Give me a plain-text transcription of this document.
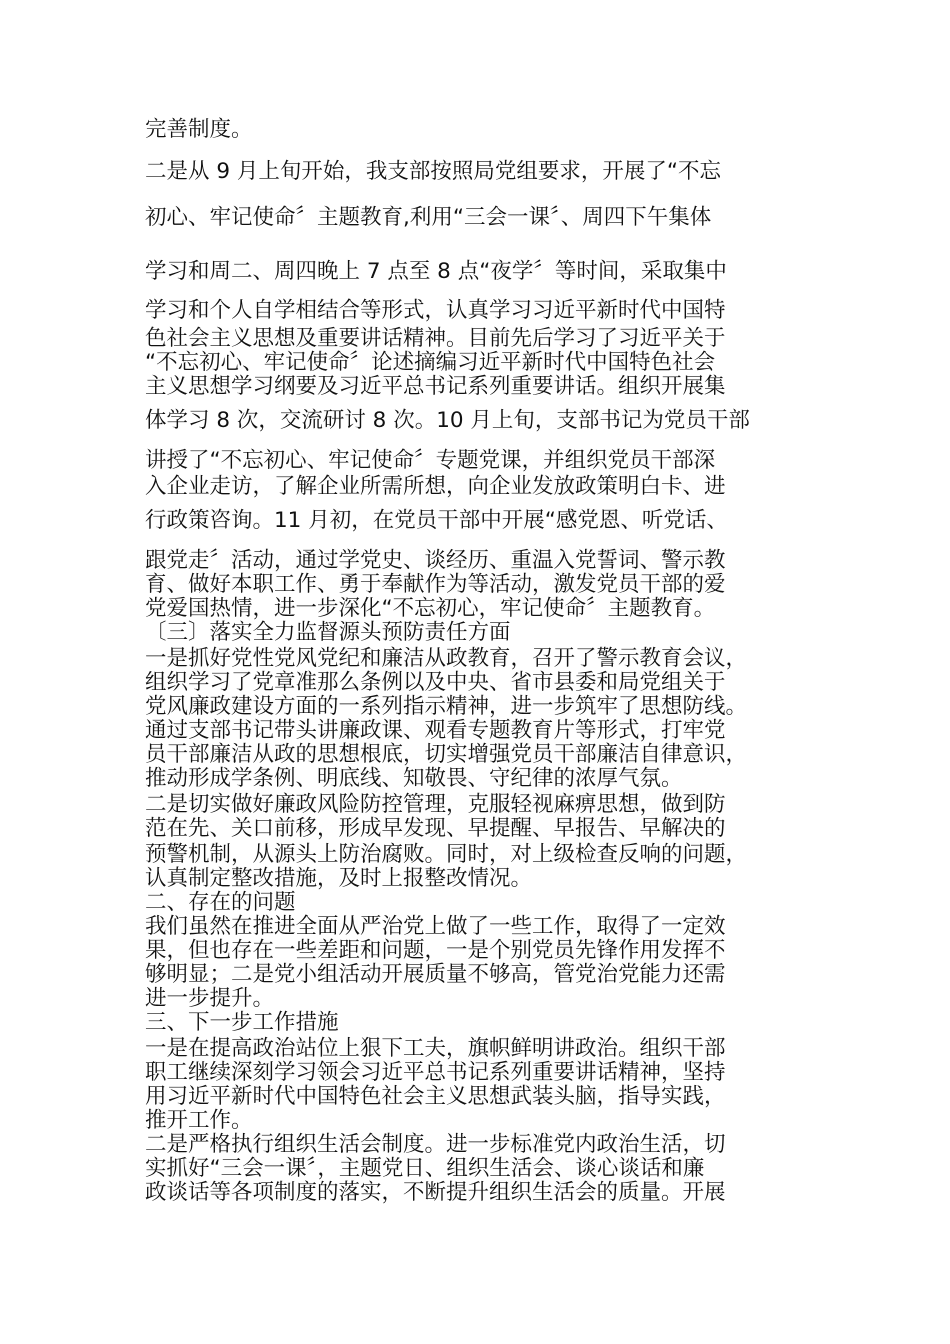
完善制度。

二是从 9 月上旬开始，我支部按照局党组要求，开展了“不忘

初心、牢记使命〞主题教育,利用“三会一课〞、周四下午集体

学习和周二、周四晚上 7 点至 8 点“夜学〞等时间，采取集中

学习和个人自学相结合等形式，认真学习习近平新时代中国特

色社会主义思想及重要讲话精神。目前先后学习了习近平关于

“不忘初心、牢记使命〞论述摘编习近平新时代中国特色社会

主义思想学习纲要及习近平总书记系列重要讲话。组织开展集

体学习 8 次，交流研讨 8 次。10 月上旬，支部书记为党员干部

讲授了“不忘初心、牢记使命〞专题党课，并组织党员干部深

入企业走访，了解企业所需所想，向企业发放政策明白卡、进

行政策咨询。11 月初，在党员干部中开展“感党恩、听党话、

跟党走〞活动，通过学党史、谈经历、重温入党誓词、警示教

育、做好本职工作、勇于奉献作为等活动，激发党员干部的爱

党爱国热情，进一步深化“不忘初心，牢记使命〞主题教育。

〔三〕落实全力监督源头预防责任方面

一是抓好党性党风党纪和廉洁从政教育，召开了警示教育会议，

组织学习了党章准那么条例以及中央、省市县委和局党组关于

党风廉政建设方面的一系列指示精神，进一步筑牢了思想防线。

通过支部书记带头讲廉政课、观看专题教育片等形式，打牢党

员干部廉洁从政的思想根底，切实增强党员干部廉洁自律意识，

推动形成学条例、明底线、知敬畏、守纪律的浓厚气氛。

二是切实做好廉政风险防控管理，克服轻视麻痹思想，做到防

范在先、关口前移，形成早发现、早提醒、早报告、早解决的

预警机制，从源头上防治腐败。同时，对上级检查反响的问题，

认真制定整改措施，及时上报整改情况。

二、存在的问题

我们虽然在推进全面从严治党上做了一些工作，取得了一定效

果，但也存在一些差距和问题，一是个别党员先锋作用发挥不

够明显；二是党小组活动开展质量不够高，管党治党能力还需

进一步提升。

三、下一步工作措施

一是在提高政治站位上狠下工夫，旗帜鲜明讲政治。组织干部

职工继续深刻学习领会习近平总书记系列重要讲话精神，坚持

用习近平新时代中国特色社会主义思想武装头脑，指导实践，

推开工作。

二是严格执行组织生活会制度。进一步标准党内政治生活，切

实抓好“三会一课〞，主题党日、组织生活会、谈心谈话和廉

政谈话等各项制度的落实，不断提升组织生活会的质量。开展
